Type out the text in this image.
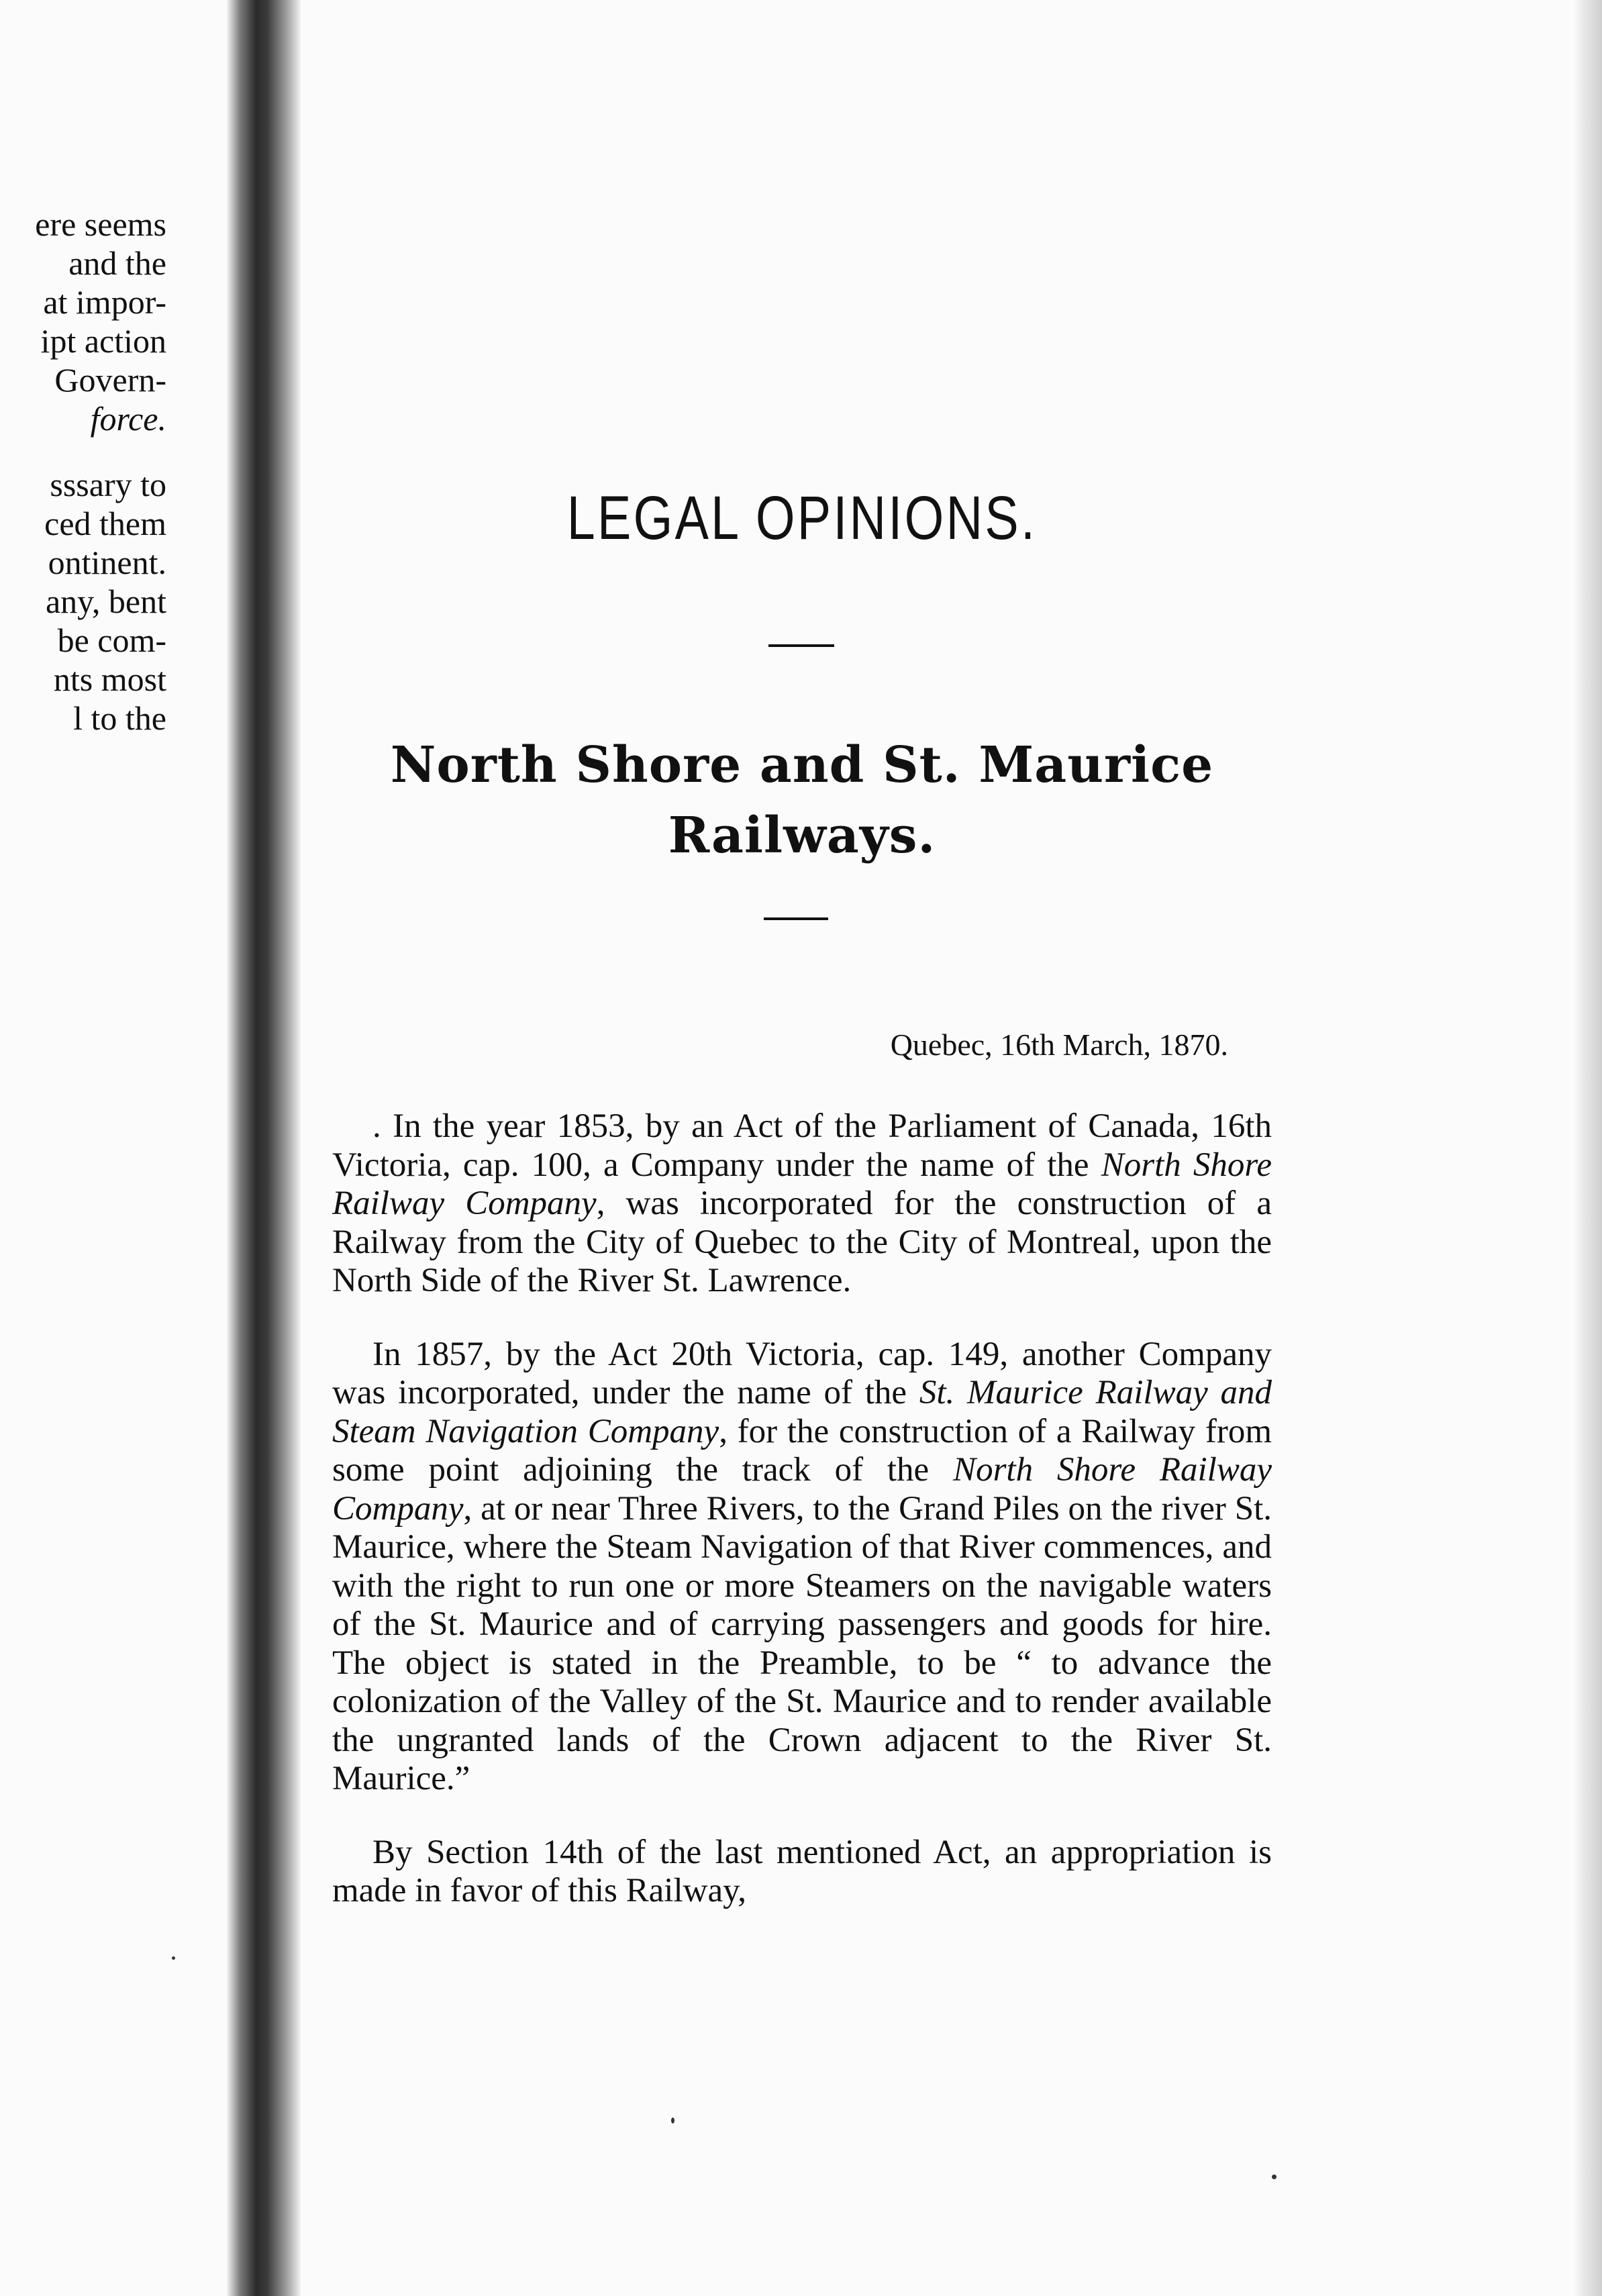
ere seems
and the
at impor-
ipt action
Govern-
force.
sssary to
ced them
ontinent.
any, bent
be com-
nts most
l to the
LEGAL OPINIONS.
North Shore and St. Maurice
Railways.
Quebec, 16th March, 1870.

. In the year 1853, by an Act of the Parliament of Canada, 16th Victoria, cap. 100, a Company under the name of the North Shore Railway Company, was incorporated for the construction of a Railway from the City of Quebec to the City of Montreal, upon the North Side of the River St. Lawrence.

In 1857, by the Act 20th Victoria, cap. 149, another Company was incorporated, under the name of the St. Maurice Railway and Steam Navigation Company, for the construction of a Railway from some point adjoining the track of the North Shore Railway Company, at or near Three Rivers, to the Grand Piles on the river St. Maurice, where the Steam Navigation of that River commences, and with the right to run one or more Steamers on the navigable waters of the St. Maurice and of carrying passengers and goods for hire. The object is stated in the Preamble, to be “ to advance the colonization of the Valley of the St. Maurice and to render available the ungranted lands of the Crown adjacent to the River St. Maurice.”

By Section 14th of the last mentioned Act, an appropriation is made in favor of this Railway,
